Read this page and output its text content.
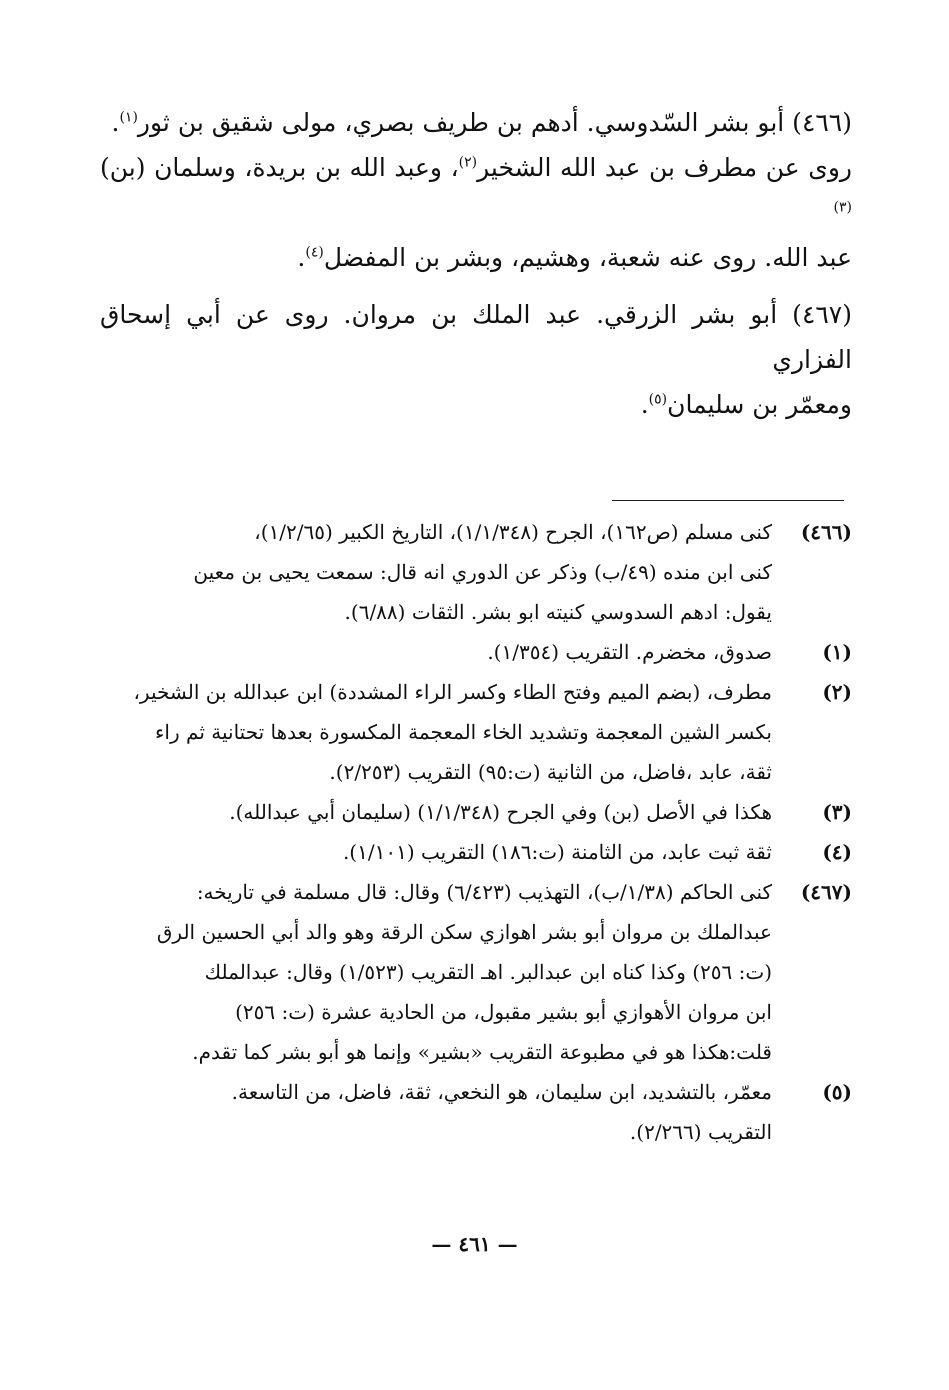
(٤٦٦) أبو بشر السّدوسي. أدهم بن طريف بصري، مولى شقيق بن ثور$^{(١)}$.
روى عن مطرف بن عبد الله الشخير$^{(٢)}$، وعبد الله بن بريدة، وسلمان (بن)$^{(٣)}$
عبد الله. روى عنه شعبة، وهشيم، وبشر بن المفضل$^{(٤)}$.
(٤٦٧) أبو بشر الزرقي. عبد الملك بن مروان. روى عن أبي إسحاق الفزاري
ومعمّر بن سليمان$^{(٥)}$.
(٤٦٦)
كنى مسلم (ص١٦٢)، الجرح (١/١/٣٤٨)، التاريخ الكبير (١/٢/٦٥)،
كنى ابن منده (٤٩/ب) وذكر عن الدوري انه قال: سمعت يحيى بن معين
يقول: ادهم السدوسي كنيته ابو بشر. الثقات (٦/٨٨).
(١)
صدوق، مخضرم. التقريب (١/٣٥٤).
(٢)
مطرف، (بضم الميم وفتح الطاء وكسر الراء المشددة) ابن عبدالله بن الشخير،
بكسر الشين المعجمة وتشديد الخاء المعجمة المكسورة بعدها تحتانية ثم راء
ثقة، عابد ،فاضل، من الثانية (ت:٩٥) التقريب (٢/٢٥٣).
(٣)
هكذا في الأصل (بن) وفي الجرح (١/١/٣٤٨) (سليمان أبي عبدالله).
(٤)
ثقة ثبت عابد، من الثامنة (ت:١٨٦) التقريب (١/١٠١).
(٤٦٧)
كنى الحاكم (١/٣٨/ب)، التهذيب (٦/٤٢٣) وقال: قال مسلمة في تاريخه:
عبدالملك بن مروان أبو بشر اهوازي سكن الرقة وهو والد أبي الحسين الرق
(ت: ٢٥٦) وكذا كناه ابن عبدالبر. اهـ التقريب (١/٥٢٣) وقال: عبدالملك
ابن مروان الأهوازي أبو بشير مقبول، من الحادية عشرة (ت: ٢٥٦)
قلت:هكذا هو في مطبوعة التقريب «بشير» وإنما هو أبو بشر كما تقدم.
(٥)
معمّر، بالتشديد، ابن سليمان، هو النخعي، ثقة، فاضل، من التاسعة.
التقريب (٢/٢٦٦).
— ٤٦١ —
